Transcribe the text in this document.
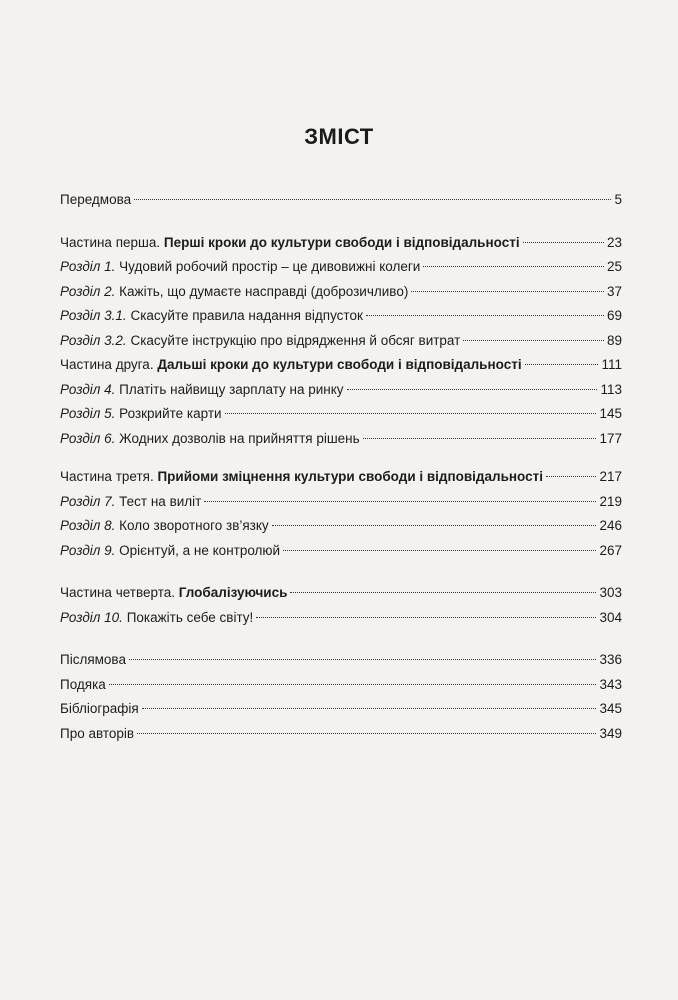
ЗМІСТ
Передмова	5
Частина перша. Перші кроки до культури свободи і відповідальності	23
Розділ 1. Чудовий робочий простір – це дивовижні колеги	25
Розділ 2. Кажіть, що думаєте насправді (доброзичливо)	37
Розділ 3.1. Скасуйте правила надання відпусток	69
Розділ 3.2. Скасуйте інструкцію про відрядження й обсяг витрат	89
Частина друга. Дальші кроки до культури свободи і відповідальності	111
Розділ 4. Платіть найвищу зарплату на ринку	113
Розділ 5. Розкрийте карти	145
Розділ 6. Жодних дозволів на прийняття рішень	177
Частина третя. Прийоми зміцнення культури свободи і відповідальності	217
Розділ 7. Тест на виліт	219
Розділ 8. Коло зворотного зв’язку	246
Розділ 9. Орієнтуй, а не контролюй	267
Частина четверта. Глобалізуючись	303
Розділ 10. Покажіть себе світу!	304
Післямова	336
Подяка	343
Бібліографія	345
Про авторів	349
